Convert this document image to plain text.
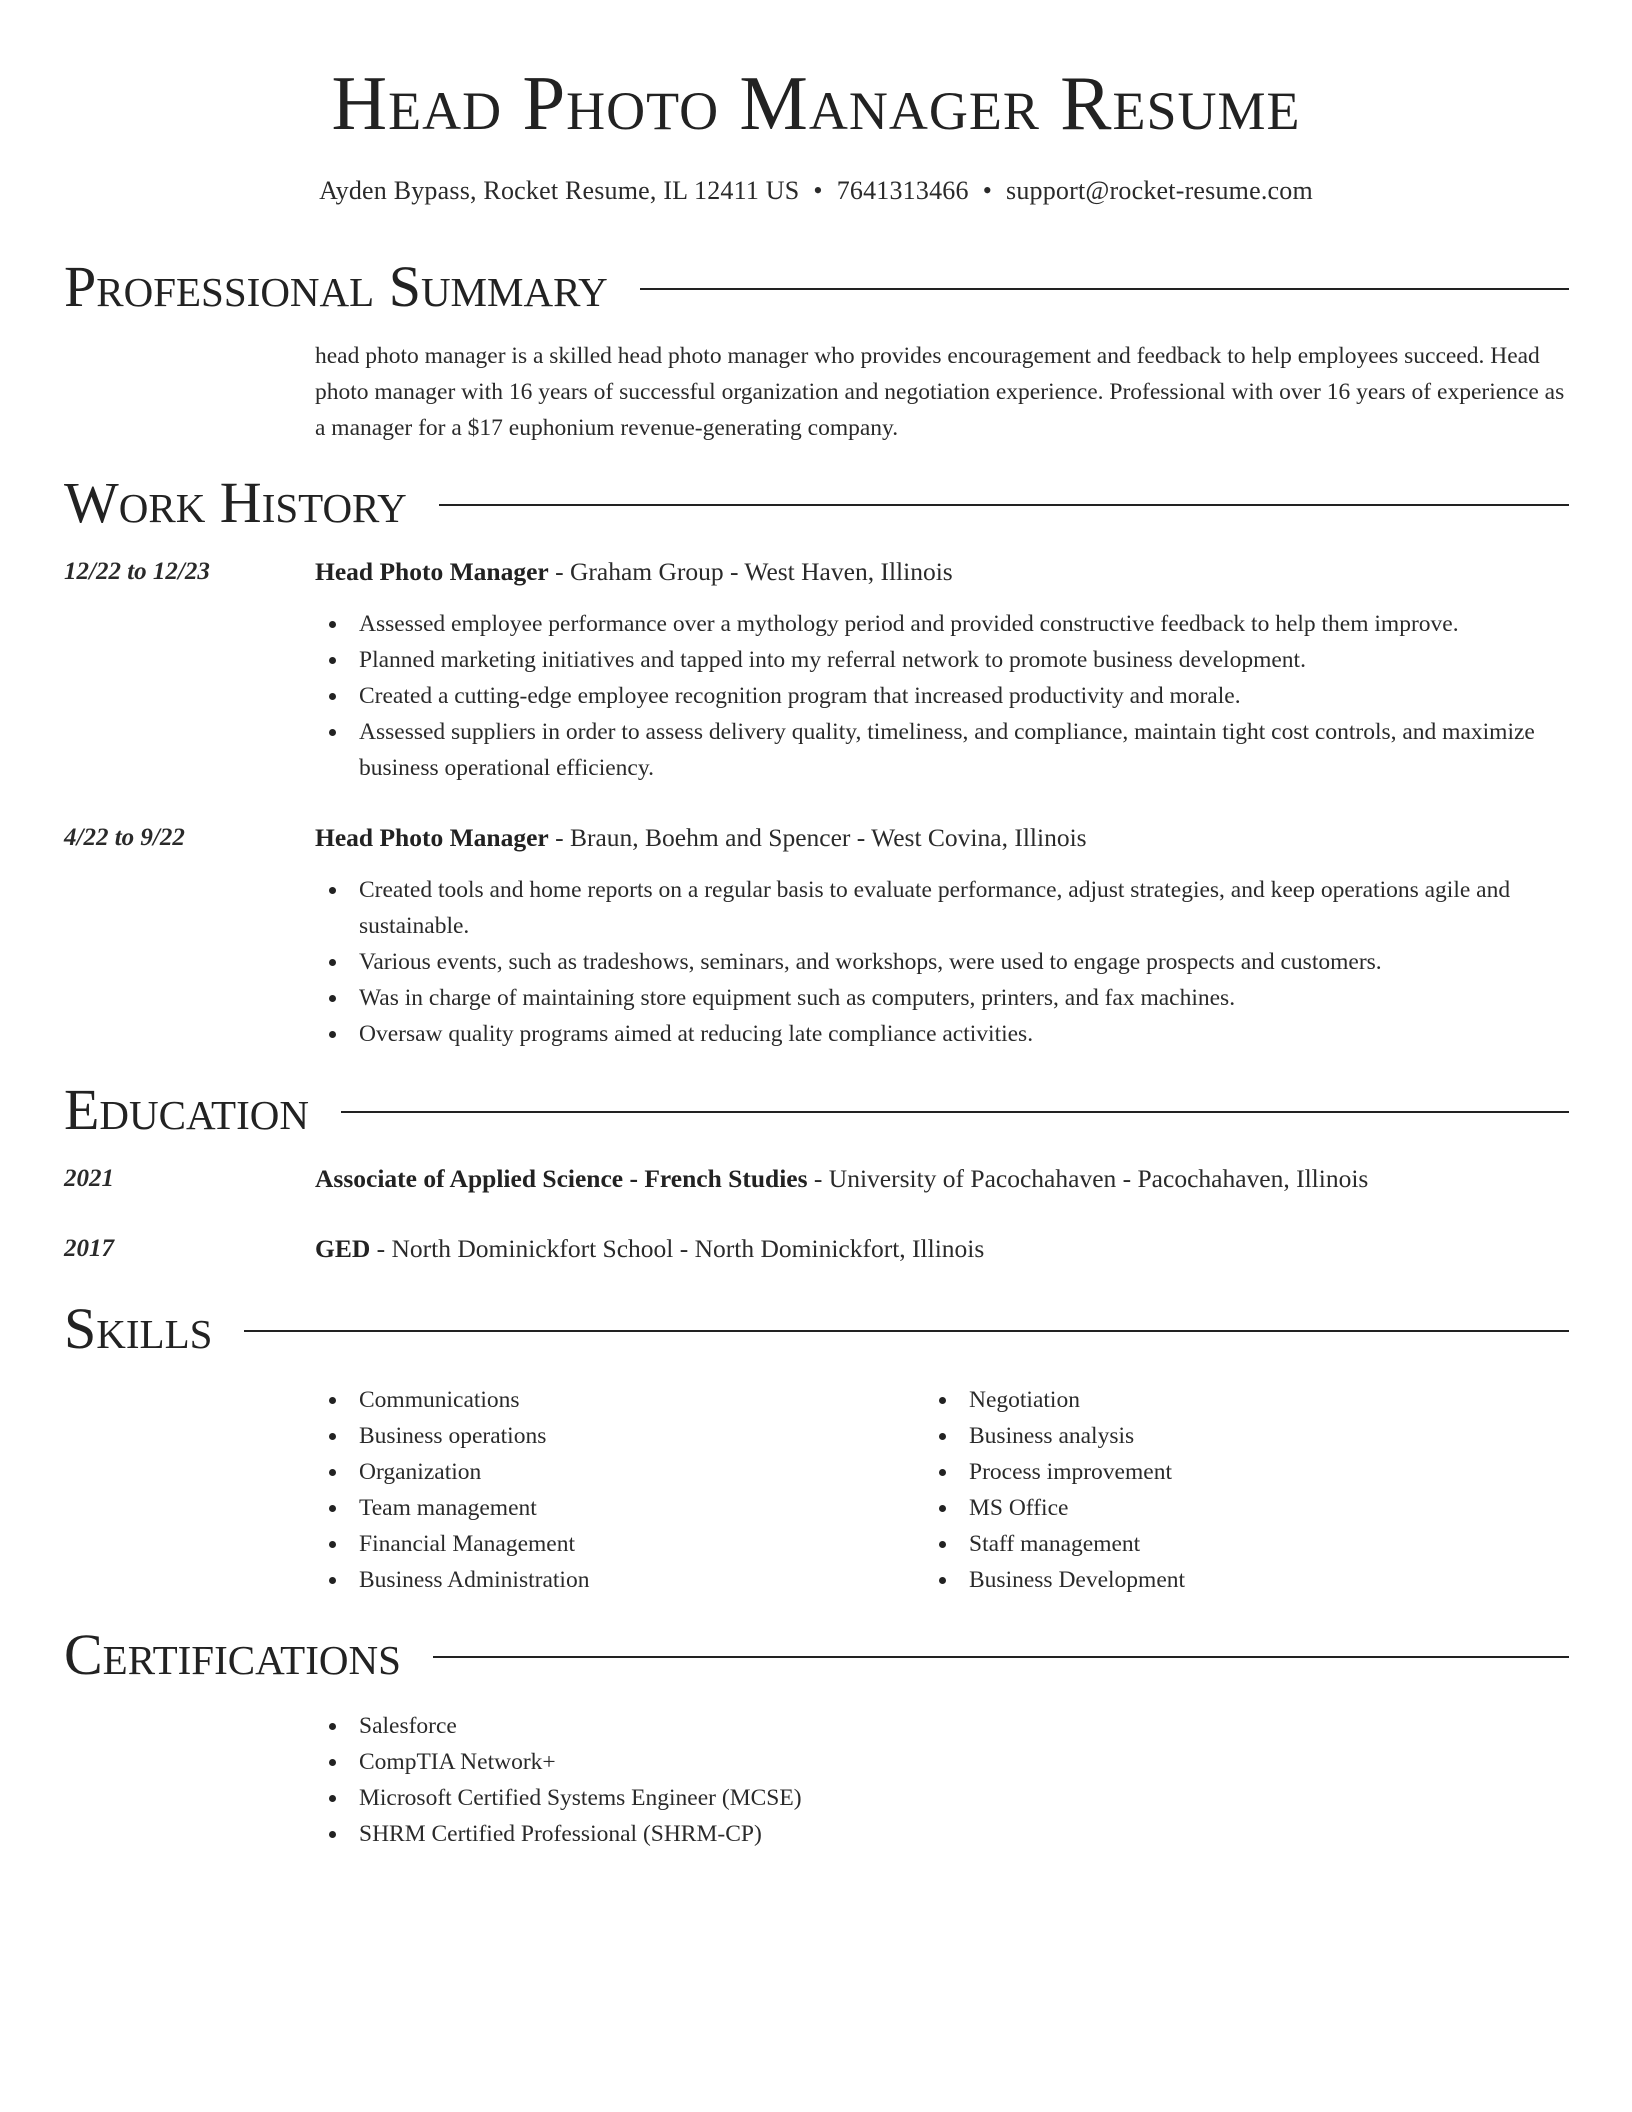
Head Photo Manager Resume
Ayden Bypass, Rocket Resume, IL 12411 US • 7641313466 • support@rocket-resume.com
Professional Summary
head photo manager is a skilled head photo manager who provides encouragement and feedback to help employees succeed. Head photo manager with 16 years of successful organization and negotiation experience. Professional with over 16 years of experience as a manager for a $17 euphonium revenue-generating company.
Work History
12/22 to 12/23	Head Photo Manager - Graham Group - West Haven, Illinois
Assessed employee performance over a mythology period and provided constructive feedback to help them improve.
Planned marketing initiatives and tapped into my referral network to promote business development.
Created a cutting-edge employee recognition program that increased productivity and morale.
Assessed suppliers in order to assess delivery quality, timeliness, and compliance, maintain tight cost controls, and maximize business operational efficiency.
4/22 to 9/22	Head Photo Manager - Braun, Boehm and Spencer - West Covina, Illinois
Created tools and home reports on a regular basis to evaluate performance, adjust strategies, and keep operations agile and sustainable.
Various events, such as tradeshows, seminars, and workshops, were used to engage prospects and customers.
Was in charge of maintaining store equipment such as computers, printers, and fax machines.
Oversaw quality programs aimed at reducing late compliance activities.
Education
2021	Associate of Applied Science - French Studies - University of Pacochahaven - Pacochahaven, Illinois
2017	GED - North Dominickfort School - North Dominickfort, Illinois
Skills
Communications
Business operations
Organization
Team management
Financial Management
Business Administration
Negotiation
Business analysis
Process improvement
MS Office
Staff management
Business Development
Certifications
Salesforce
CompTIA Network+
Microsoft Certified Systems Engineer (MCSE)
SHRM Certified Professional (SHRM-CP)
